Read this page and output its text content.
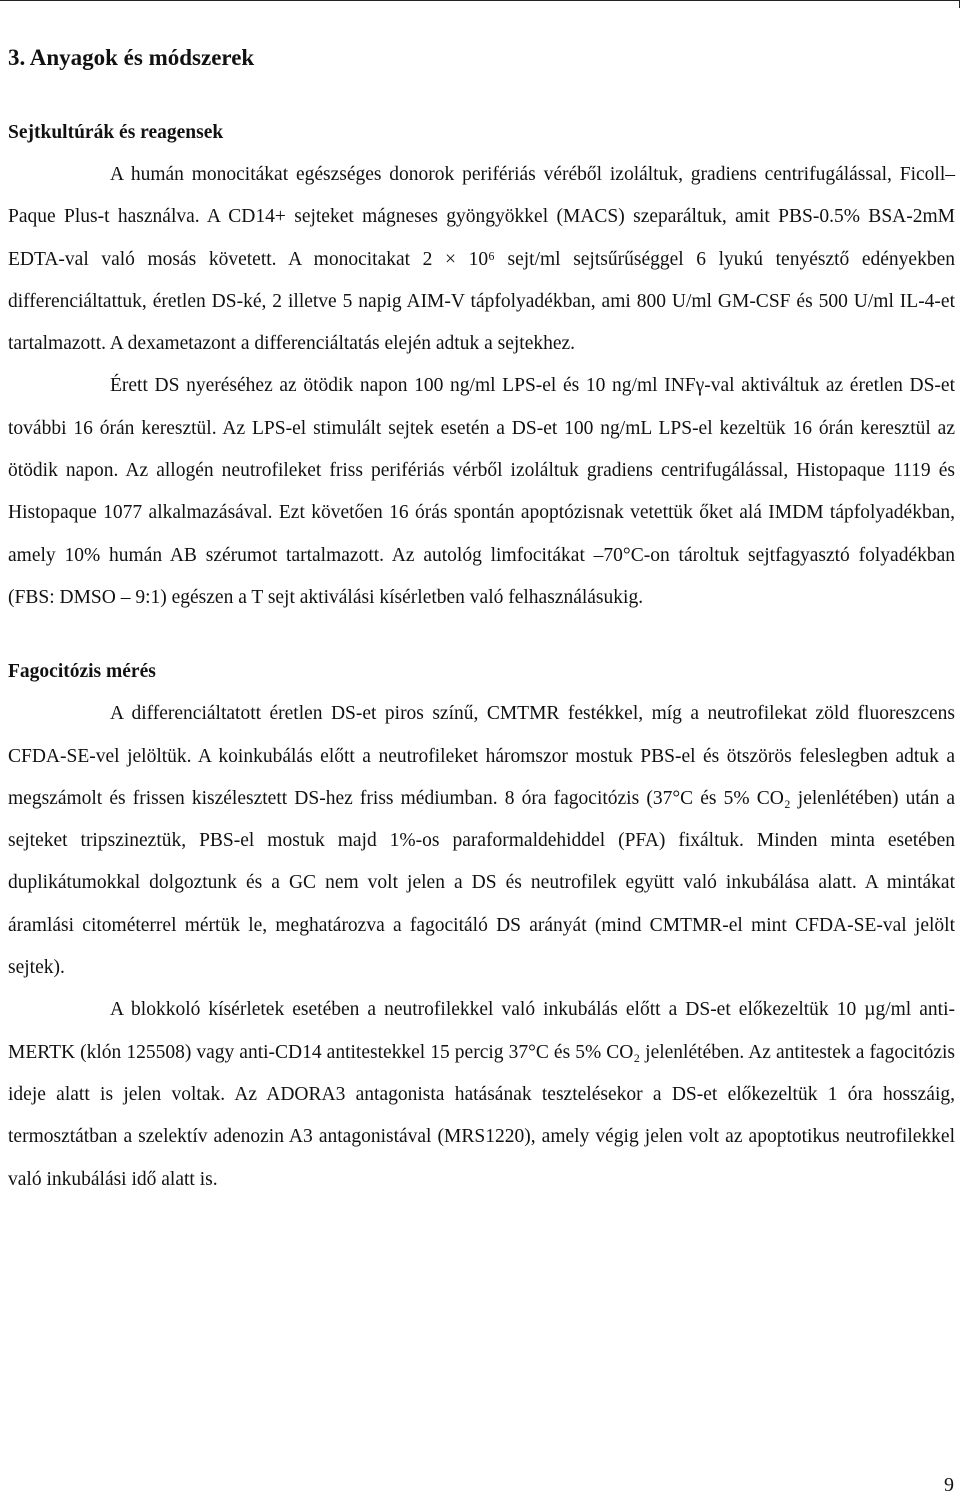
3. Anyagok és módszerek
Sejtkultúrák és reagensek

A humán monocitákat egészséges donorok perifériás véréből izoláltuk, gradiens centrifugálással, Ficoll–Paque Plus-t használva. A CD14+ sejteket mágneses gyöngyökkel (MACS) szeparáltuk, amit PBS-0.5% BSA-2mM EDTA-val való mosás követett. A monocitakat 2 × 10⁶ sejt/ml sejtsűrűséggel 6 lyukú tenyésztő edényekben differenciáltattuk, éretlen DS-ké, 2 illetve 5 napig AIM-V tápfolyadékban, ami 800 U/ml GM-CSF és 500 U/ml IL-4-et tartalmazott. A dexametazont a differenciáltatás elején adtuk a sejtekhez.

Érett DS nyeréséhez az ötödik napon 100 ng/ml LPS-el és 10 ng/ml INFγ-val aktiváltuk az éretlen DS-et további 16 órán keresztül. Az LPS-el stimulált sejtek esetén a DS-et 100 ng/mL LPS-el kezeltük 16 órán keresztül az ötödik napon. Az allogén neutrofileket friss perifériás vérből izoláltuk gradiens centrifugálással, Histopaque 1119 és Histopaque 1077 alkalmazásával. Ezt követően 16 órás spontán apoptózisnak vetettük őket alá IMDM tápfolyadékban, amely 10% humán AB szérumot tartalmazott. Az autológ limfocitákat –70°C-on tároltuk sejtfagyasztó folyadékban (FBS: DMSO – 9:1) egészen a T sejt aktiválási kísérletben való felhasználásukig.

Fagocitózis mérés

A differenciáltatott éretlen DS-et piros színű, CMTMR festékkel, míg a neutrofilekat zöld fluoreszcens CFDA-SE-vel jelöltük. A koinkubálás előtt a neutrofileket háromszor mostuk PBS-el és ötszörös feleslegben adtuk a megszámolt és frissen kiszélesztett DS-hez friss médiumban. 8 óra fagocitózis (37°C és 5% CO₂ jelenlétében) után a sejteket tripszineztük, PBS-el mostuk majd 1%-os paraformaldehiddel (PFA) fixáltuk. Minden minta esetében duplikátumokkal dolgoztunk és a GC nem volt jelen a DS és neutrofilek együtt való inkubálása alatt. A mintákat áramlási citométerrel mértük le, meghatározva a fagocitáló DS arányát (mind CMTMR-el mint CFDA-SE-val jelölt sejtek).

A blokkoló kísérletek esetében a neutrofilekkel való inkubálás előtt a DS-et előkezeltük 10 µg/ml anti-MERTK (klón 125508) vagy anti-CD14 antitestekkel 15 percig 37°C és 5% CO₂ jelenlétében. Az antitestek a fagocitózis ideje alatt is jelen voltak. Az ADORA3 antagonista hatásának tesztelésekor a DS-et előkezeltük 1 óra hosszáig, termosztátban a szelektív adenozin A3 antagonistával (MRS1220), amely végig jelen volt az apoptotikus neutrofilekkel való inkubálási idő alatt is.

9
